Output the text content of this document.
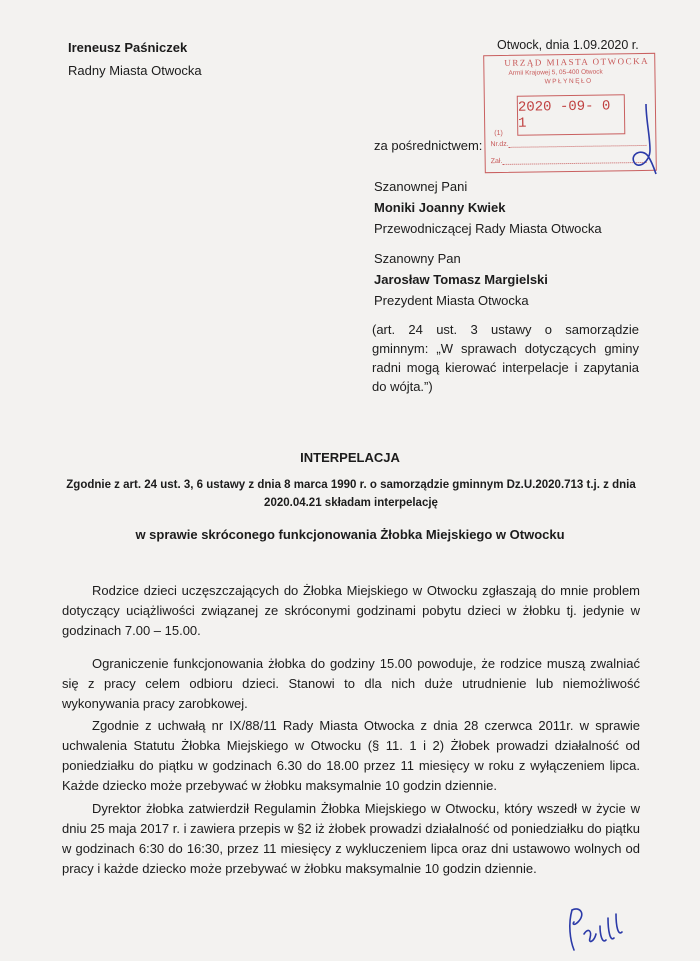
Ireneusz Paśniczek
Radny Miasta Otwocka
Otwock, dnia 1.09.2020 r.
URZĄD MIASTA OTWOCKA
Armii Krajowej 5, 05-400 Otwock
WPŁYNĘŁO
2020 -09- 0 1
(1)
Nr.dz.
Zał.
za pośrednictwem:
Szanownej Pani
Moniki Joanny Kwiek
Przewodniczącej Rady Miasta Otwocka
Szanowny Pan
Jarosław Tomasz Margielski
Prezydent Miasta Otwocka
(art. 24 ust. 3 ustawy o samorządzie gminnym: „W sprawach dotyczących gminy radni mogą kierować interpelacje i zapytania do wójta.”)
INTERPELACJA
Zgodnie z art. 24 ust. 3, 6 ustawy z dnia 8 marca 1990 r. o samorządzie gminnym Dz.U.2020.713 t.j. z dnia 2020.04.21 składam interpelację
w sprawie skróconego funkcjonowania Żłobka Miejskiego w Otwocku
Rodzice dzieci uczęszczających do Żłobka Miejskiego w Otwocku zgłaszają do mnie problem dotyczący uciążliwości związanej ze skróconymi godzinami pobytu dzieci w żłobku tj. jedynie w godzinach 7.00 – 15.00.
Ograniczenie funkcjonowania żłobka do godziny 15.00 powoduje, że rodzice muszą zwalniać się z pracy celem odbioru dzieci. Stanowi to dla nich duże utrudnienie lub niemożliwość wykonywania pracy zarobkowej.
Zgodnie z uchwałą nr IX/88/11 Rady Miasta Otwocka z dnia 28 czerwca 2011r. w sprawie uchwalenia Statutu Żłobka Miejskiego w Otwocku (§ 11. 1 i 2) Żłobek prowadzi działalność od poniedziałku do piątku w godzinach 6.30 do 18.00 przez 11 miesięcy w roku z wyłączeniem lipca. Każde dziecko może przebywać w żłobku maksymalnie 10 godzin dziennie.
Dyrektor żłobka zatwierdził Regulamin Żłobka Miejskiego w Otwocku, który wszedł w życie w dniu 25 maja 2017 r. i zawiera przepis w §2 iż żłobek prowadzi działalność od poniedziałku do piątku w godzinach 6:30 do 16:30, przez 11 miesięcy z wykluczeniem lipca oraz dni ustawowo wolnych od pracy i każde dziecko może przebywać w żłobku maksymalnie 10 godzin dziennie.
